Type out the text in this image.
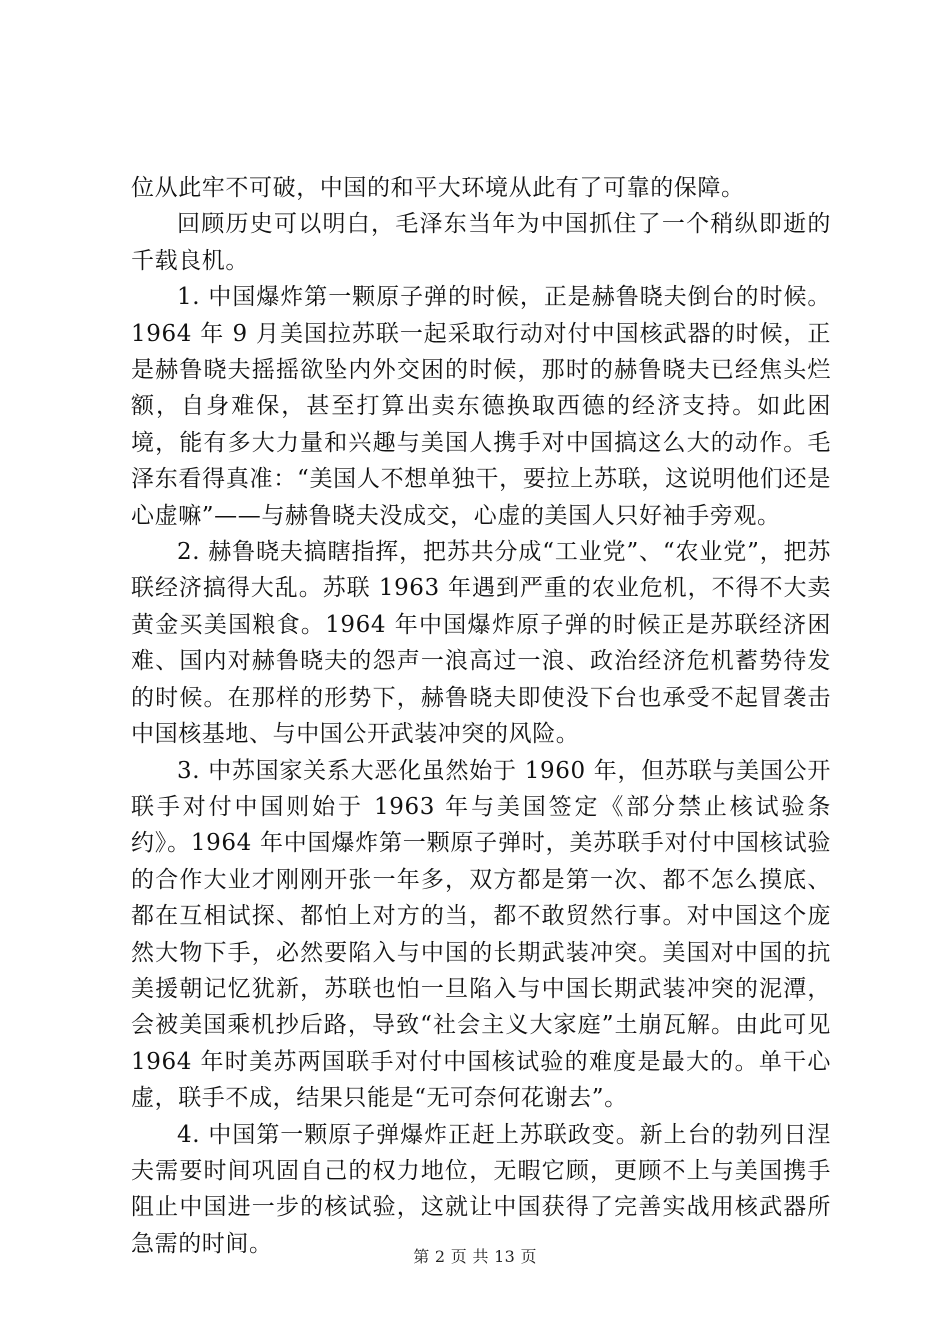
位从此牢不可破，中国的和平大环境从此有了可靠的保障。

回顾历史可以明白，毛泽东当年为中国抓住了一个稍纵即逝的千载良机。

1. 中国爆炸第一颗原子弹的时候，正是赫鲁晓夫倒台的时候。1964 年 9 月美国拉苏联一起采取行动对付中国核武器的时候，正是赫鲁晓夫摇摇欲坠内外交困的时候，那时的赫鲁晓夫已经焦头烂额，自身难保，甚至打算出卖东德换取西德的经济支持。如此困境，能有多大力量和兴趣与美国人携手对中国搞这么大的动作。毛泽东看得真准：“美国人不想单独干，要拉上苏联，这说明他们还是心虚嘛”——与赫鲁晓夫没成交，心虚的美国人只好袖手旁观。

2. 赫鲁晓夫搞瞎指挥，把苏共分成“工业党”、“农业党”，把苏联经济搞得大乱。苏联 1963 年遇到严重的农业危机，不得不大卖黄金买美国粮食。1964 年中国爆炸原子弹的时候正是苏联经济困难、国内对赫鲁晓夫的怨声一浪高过一浪、政治经济危机蓄势待发的时候。在那样的形势下，赫鲁晓夫即使没下台也承受不起冒袭击中国核基地、与中国公开武装冲突的风险。

3. 中苏国家关系大恶化虽然始于 1960 年，但苏联与美国公开联手对付中国则始于 1963 年与美国签定《部分禁止核试验条约》。1964 年中国爆炸第一颗原子弹时，美苏联手对付中国核试验的合作大业才刚刚开张一年多，双方都是第一次、都不怎么摸底、都在互相试探、都怕上对方的当，都不敢贸然行事。对中国这个庞然大物下手，必然要陷入与中国的长期武装冲突。美国对中国的抗美援朝记忆犹新，苏联也怕一旦陷入与中国长期武装冲突的泥潭，会被美国乘机抄后路，导致“社会主义大家庭”土崩瓦解。由此可见 1964 年时美苏两国联手对付中国核试验的难度是最大的。单干心虚，联手不成，结果只能是“无可奈何花谢去”。

4. 中国第一颗原子弹爆炸正赶上苏联政变。新上台的勃列日涅夫需要时间巩固自己的权力地位，无暇它顾，更顾不上与美国携手阻止中国进一步的核试验，这就让中国获得了完善实战用核武器所急需的时间。	第 2 页 共 13 页
